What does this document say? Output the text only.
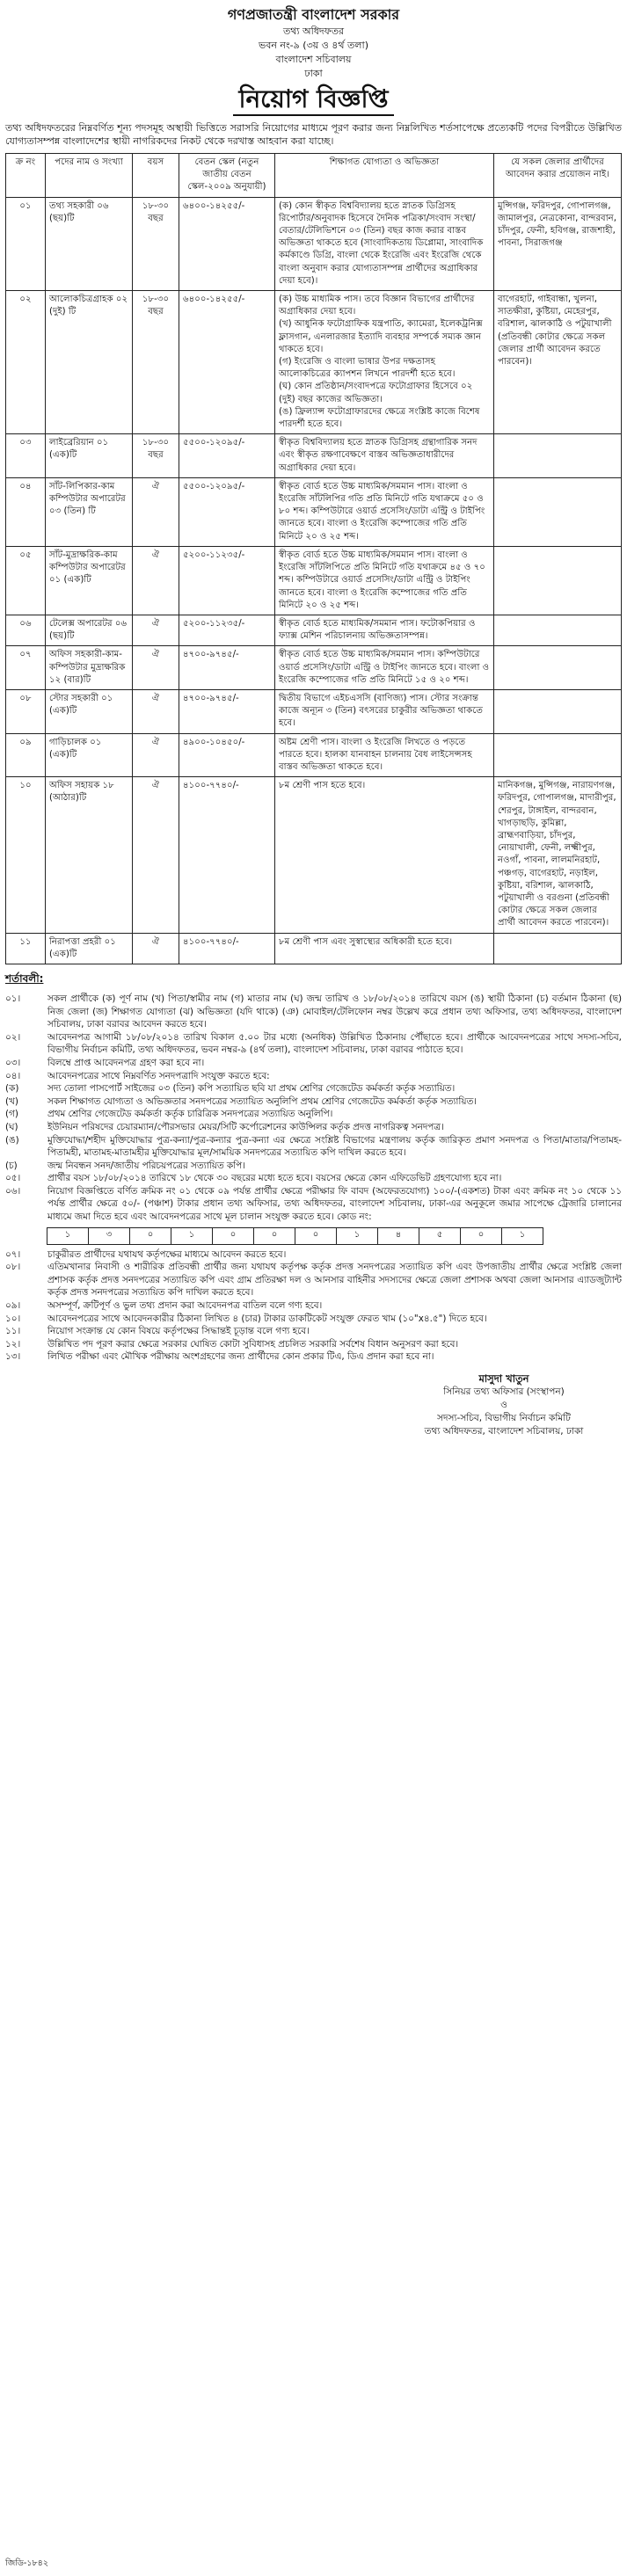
গণপ্রজাতন্ত্রী বাংলাদেশ সরকার
তথ্য অধিদফতর
ভবন নং-৯ (৩য় ও ৪র্থ তলা)
বাংলাদেশ সচিবালয়
ঢাকা
নিয়োগ বিজ্ঞপ্তি
তথ্য অধিদফতরের নিম্নবর্ণিত শূন্য পদসমূহ অস্থায়ী ভিত্তিতে সরাসরি নিয়োগের মাধ্যমে পূরণ করার জন্য নিম্নলিখিত শর্তসাপেক্ষে প্রত্যেকটি পদের বিপরীতে উল্লিখিত যোগ্যতাসম্পন্ন বাংলাদেশের স্থায়ী নাগরিকদের নিকট থেকে দরখাস্ত আহবান করা যাচ্ছে।
ক্র নং	পদের নাম ও সংখ্যা	বয়স	বেতন স্কেল (নতুন জাতীয় বেতন স্কেল-২০০৯ অনুযায়ী)	শিক্ষাগত যোগ্যতা ও অভিজ্ঞতা	যে সকল জেলার প্রার্থীদের আবেদন করার প্রয়োজন নাই।
০১	তথ্য সহকারী ০৬ (ছয়)টি	১৮-৩০ বছর	৬৪০০-১৪২৫৫/-	(ক) কোন স্বীকৃত বিশ্ববিদ্যালয় হতে স্নাতক ডিগ্রিসহ রিপোর্টার/অনুবাদক হিসেবে দৈনিক পত্রিকা/সংবাদ সংস্থা/বেতার/টেলিভিশনে ০৩ (তিন) বছর কাজ করার বাস্তব অভিজ্ঞতা থাকতে হবে (সাংবাদিকতায় ডিপ্লোমা, সাংবাদিক কর্মকাণ্ডে ডিগ্রি, বাংলা থেকে ইংরেজি এবং ইংরেজি থেকে বাংলা অনুবাদ করার যোগ্যতাসম্পন্ন প্রার্থীদের অগ্রাধিকার দেয়া হবে)।	মুন্সিগঞ্জ, ফরিদপুর, গোপালগঞ্জ, জামালপুর, নেত্রকোনা, বান্দরবান, চাঁদপুর, ফেনী, হবিগঞ্জ, রাজশাহী, পাবনা, সিরাজগঞ্জ
০২	আলোকচিত্রগ্রাহক ০২ (দুই) টি	১৮-৩০ বছর	৬৪০০-১৪২৫৫/-	(ক) উচ্চ মাধ্যমিক পাস। তবে বিজ্ঞান বিভাগের প্রার্থীদের অগ্রাধিকার দেয়া হবে।
(খ) আধুনিক ফটোগ্রাফিক যন্ত্রপাতি, ক্যামেরা, ইলেকট্রনিক্স ফ্লাসগান, এনলারজার ইত্যাদি ব্যবহার সম্পর্কে সম্যক জ্ঞান থাকতে হবে।
(গ) ইংরেজি ও বাংলা ভাষার উপর দক্ষতাসহ আলোকচিত্রের ক্যাপশন লিখনে পারদর্শী হতে হবে।
(ঘ) কোন প্রতিষ্ঠান/সংবাদপত্রে ফটোগ্রাফার হিসেবে ০২ (দুই) বছর কাজের অভিজ্ঞতা।
(ঙ) ফ্রিল্যান্স ফটোগ্রাফারদের ক্ষেত্রে সংশ্লিষ্ট কাজে বিশেষ পারদর্শী হতে হবে।	বাগেরহাট, গাইবান্ধা, খুলনা, সাতক্ষীরা, কুষ্টিয়া, মেহেরপুর, বরিশাল, ঝালকাঠি ও পটুয়াখালী (প্রতিবন্ধী কোটার ক্ষেত্রে সকল জেলার প্রার্থী আবেদন করতে পারবেন)।
০৩	লাইব্রেরিয়ান ০১ (এক)টি	১৮-৩০ বছর	৫৫০০-১২০৯৫/-	স্বীকৃত বিশ্ববিদ্যালয় হতে স্নাতক ডিগ্রিসহ গ্রন্থাগারিক সনদ এবং স্বীকৃত রক্ষণাবেক্ষণে বাস্তব অভিজ্ঞতাধারীদের অগ্রাধিকার দেয়া হবে।	

০৪	সাঁট-লিপিকার-কাম কম্পিউটার অপারেটর ০৩ (তিন) টি	ঐ	৫৫০০-১২০৯৫/-	স্বীকৃত বোর্ড হতে উচ্চ মাধ্যমিক/সমমান পাস। বাংলা ও ইংরেজি সাঁটলিপির গতি প্রতি মিনিটে গতি যথাক্রমে ৫০ ও ৮০ শব্দ। কম্পিউটারে ওয়ার্ড প্রসেসিং/ডাটা এন্ট্রি ও টাইপিং জানতে হবে। বাংলা ও ইংরেজি কম্পোজের গতি প্রতি মিনিটে ২০ ও ২৫ শব্দ।	

০৫	সাঁট-মুদ্রাক্ষরিক-কাম কম্পিউটার অপারেটর ০১ (এক)টি	ঐ	৫২০০-১১২৩৫/-	স্বীকৃত বোর্ড হতে উচ্চ মাধ্যমিক/সমমান পাস। বাংলা ও ইংরেজি সাঁটলিপিতে প্রতি মিনিটে গতি যথাক্রমে ৪৫ ও ৭০ শব্দ। কম্পিউটারে ওয়ার্ড প্রসেসিং/ডাটা এন্ট্রি ও টাইপিং জানতে হবে। বাংলা ও ইংরেজি কম্পোজের গতি প্রতি মিনিটে ২০ ও ২৫ শব্দ।	

০৬	টেলেক্স অপারেটর ০৬ (ছয়)টি	ঐ	৫২০০-১১২৩৫/-	স্বীকৃত বোর্ড হতে মাধ্যমিক/সমমান পাস। ফটোকপিয়ার ও ফ্যাক্স মেশিন পরিচালনায় অভিজ্ঞতাসম্পন্ন।	

০৭	অফিস সহকারী-কাম-কম্পিউটার মুদ্রাক্ষরিক ১২ (বার)টি	ঐ	৪৭০০-৯৭৪৫/-	স্বীকৃত বোর্ড হতে উচ্চ মাধ্যমিক/সমমান পাস। কম্পিউটারে ওয়ার্ড প্রসেসিং/ডাটা এন্ট্রি ও টাইপিং জানতে হবে। বাংলা ও ইংরেজি কম্পোজের গতি প্রতি মিনিটে ১৫ ও ২০ শব্দ।	

০৮	স্টোর সহকারী ০১ (এক)টি	ঐ	৪৭০০-৯৭৪৫/-	দ্বিতীয় বিভাগে এইচএসসি (বাণিজ্য) পাস। স্টোর সংক্রান্ত কাজে অন্যূন ৩ (তিন) বৎসরের চাকুরীর অভিজ্ঞতা থাকতে হবে।	

০৯	গাড়িচালক ০১ (এক)টি	ঐ	৪৯০০-১০৪৫০/-	অষ্টম শ্রেণী পাস। বাংলা ও ইংরেজি লিখতে ও পড়তে পারতে হবে। হালকা যানবাহন চালনায় বৈধ লাইসেন্সসহ বাস্তব অভিজ্ঞতা থাকতে হবে।	

১০	অফিস সহায়ক ১৮ (আঠার)টি	ঐ	৪১০০-৭৭৪০/-	৮ম শ্রেণী পাস হতে হবে।	মানিকগঞ্জ, মুন্সিগঞ্জ, নারায়ণগঞ্জ, ফরিদপুর, গোপালগঞ্জ, মাদারীপুর, শেরপুর, টাঙ্গাইল, বান্দরবান, খাগড়াছড়ি, কুমিল্লা, ব্রাহ্মণবাড়িয়া, চাঁদপুর, নোয়াখালী, ফেনী, লক্ষ্মীপুর, নওগাঁ, পাবনা, লালমনিরহাট, পঞ্চগড়, বাগেরহাট, নড়াইল, কুষ্টিয়া, বরিশাল, ঝালকাঠি, পটুয়াখালী ও বরগুনা (প্রতিবন্ধী কোটার ক্ষেত্রে সকল জেলার প্রার্থী আবেদন করতে পারবেন)।
১১	নিরাপত্তা প্রহরী ০১ (এক)টি	ঐ	৪১০০-৭৭৪০/-	৮ম শ্রেণী পাস এবং সুস্বাস্থ্যের অধিকারী হতে হবে।	

শর্তাবলী:
০১।	সকল প্রার্থীকে (ক) পূর্ণ নাম (খ) পিতা/স্বামীর নাম (গ) মাতার নাম (ঘ) জন্ম তারিখ ও ১৮/০৮/২০১৪ তারিখে বয়স (ঙ) স্থায়ী ঠিকানা (চ) বর্তমান ঠিকানা (ছ) নিজ জেলা (জ) শিক্ষাগত যোগ্যতা (ঝ) অভিজ্ঞতা (যদি থাকে) (ঞ) মোবাইল/টেলিফোন নম্বর উল্লেখ করে প্রধান তথ্য অফিসার, তথ্য অধিদফতর, বাংলাদেশ সচিবালয়, ঢাকা বরাবর আবেদন করতে হবে।
০২।	আবেদনপত্র আগামী ১৮/০৮/২০১৪ তারিখ বিকাল ৫.০০ টার মধ্যে (অনধিক) উল্লিখিত ঠিকানায় পৌঁছাতে হবে। প্রার্থীকে আবেদনপত্রের সাথে সদস্য-সচিব, বিভাগীয় নির্বাচন কমিটি, তথ্য অধিদফতর, ভবন নম্বর-৯ (৪র্থ তলা), বাংলাদেশ সচিবালয়, ঢাকা বরাবর পাঠাতে হবে।
০৩।	বিলম্বে প্রাপ্ত আবেদনপত্র গ্রহণ করা হবে না।
০৪।	আবেদনপত্রের সাথে নিম্নবর্ণিত সনদপত্রাদি সংযুক্ত করতে হবে:
(ক)	সদ্য তোলা পাসপোর্ট সাইজের ০৩ (তিন) কপি সত্যায়িত ছবি যা প্রথম শ্রেণির গেজেটেড কর্মকর্তা কর্তৃক সত্যায়িত।
(খ)	সকল শিক্ষাগত যোগ্যতা ও অভিজ্ঞতার সনদপত্রের সত্যায়িত অনুলিপি প্রথম শ্রেণির গেজেটেড কর্মকর্তা কর্তৃক সত্যায়িত।
(গ)	প্রথম শ্রেণির গেজেটেড কর্মকর্তা কর্তৃক চারিত্রিক সনদপত্রের সত্যায়িত অনুলিপি।
(ঘ)	ইউনিয়ন পরিষদের চেয়ারম্যান/পৌরসভার মেয়র/সিটি কর্পোরেশনের কাউন্সিলর কর্তৃক প্রদত্ত নাগরিকত্ব সনদপত্র।
(ঙ)	মুক্তিযোদ্ধা/শহীদ মুক্তিযোদ্ধার পুত্র-কন্যা/পুত্র-কন্যার পুত্র-কন্যা এর ক্ষেত্রে সংশ্লিষ্ট বিভাগের মন্ত্রণালয় কর্তৃক জারিকৃত প্রমাণ সনদপত্র ও পিতা/মাতার/পিতামহ-পিতামহী, মাতামহ-মাতামহীর মুক্তিযোদ্ধার মূল/সাময়িক সনদপত্রের সত্যায়িত কপি দাখিল করতে হবে।
(চ)	জন্ম নিবন্ধন সনদ/জাতীয় পরিচয়পত্রের সত্যায়িত কপি।
০৫।	প্রার্থীর বয়স ১৮/০৮/২০১৪ তারিখে ১৮ থেকে ৩০ বছরের মধ্যে হতে হবে। বয়সের ক্ষেত্রে কোন এফিডেভিট গ্রহণযোগ্য হবে না।
০৬।	নিয়োগ বিজ্ঞপ্তিতে বর্ণিত ক্রমিক নং ০১ থেকে ০৯ পর্যন্ত প্রার্থীর ক্ষেত্রে পরীক্ষার ফি বাবদ (অফেরতযোগ্য) ১০০/-(একশত) টাকা এবং ক্রমিক নং ১০ থেকে ১১ পর্যন্ত প্রার্থীর ক্ষেত্রে ৫০/- (পঞ্চাশ) টাকার প্রধান তথ্য অফিসার, তথ্য অধিদফতর, বাংলাদেশ সচিবালয়, ঢাকা-এর অনুকূলে জমার সাপেক্ষে ট্রেজারি চালানের মাধ্যমে জমা দিতে হবে এবং আবেদনপত্রের সাথে মূল চালান সংযুক্ত করতে হবে। কোড নং:
১	৩	০	১	০	০	০	১	৪	৫	০	১
০৭।	চাকুরীরত প্রার্থীদের যথাযথ কর্তৃপক্ষের মাধ্যমে আবেদন করতে হবে।
০৮।	এতিমখানার নিবাসী ও শারীরিক প্রতিবন্ধী প্রার্থীর জন্য যথাযথ কর্তৃপক্ষ কর্তৃক প্রদত্ত সনদপত্রের সত্যায়িত কপি এবং উপজাতীয় প্রার্থীর ক্ষেত্রে সংশ্লিষ্ট জেলা প্রশাসক কর্তৃক প্রদত্ত সনদপত্রের সত্যায়িত কপি এবং গ্রাম প্রতিরক্ষা দল ও আনসার বাহিনীর সদস্যদের ক্ষেত্রে জেলা প্রশাসক অথবা জেলা আনসার এ্যাডজুট্যান্ট কর্তৃক প্রদত্ত সনদপত্রের সত্যায়িত কপি দাখিল করতে হবে।
০৯।	অসম্পূর্ণ, ক্রটিপূর্ণ ও ভুল তথ্য প্রদান করা আবেদনপত্র বাতিল বলে গণ্য হবে।
১০।	আবেদনপত্রের সাথে আবেদনকারীর ঠিকানা লিখিত ৪ (চার) টাকার ডাকটিকেট সংযুক্ত ফেরত খাম (১০"x৪.৫") দিতে হবে।
১১।	নিয়োগ সংক্রান্ত যে কোন বিষয়ে কর্তৃপক্ষের সিদ্ধান্তই চূড়ান্ত বলে গণ্য হবে।
১২।	উল্লিখিত পদ পূরণ করার ক্ষেত্রে সরকার ঘোষিত কোটা সুবিধাসহ প্রচলিত সরকারি সর্বশেষ বিধান অনুসরণ করা হবে।
১৩।	লিখিত পরীক্ষা এবং মৌখিক পরীক্ষায় অংশগ্রহণের জন্য প্রার্থীদের কোন প্রকার টিএ, ডিএ প্রদান করা হবে না।
মাসুদা খাতুন
সিনিয়র তথ্য অফিসার (সংস্থাপন)
ও
সদস্য-সচিব, বিভাগীয় নির্বাচন কমিটি
তথ্য অধিদফতর, বাংলাদেশ সচিবালয়, ঢাকা
জিডি-১৮৪২
